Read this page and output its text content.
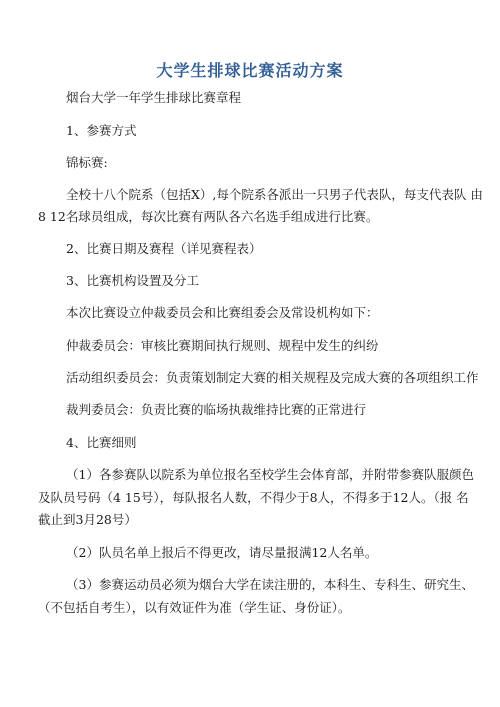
大学生排球比赛活动方案
烟台大学一年学生排球比赛章程
1、参赛方式
锦标赛:
全校十八个院系（包括X）,每个院系各派出一只男子代表队，每支代表队 由
8 12名球员组成，每次比赛有两队各六名选手组成进行比赛。
2、比赛日期及赛程（详见赛程表）
3、比赛机构设置及分工
本次比赛设立仲裁委员会和比赛组委会及常设机构如下：
仲裁委员会：审核比赛期间执行规则、规程中发生的纠纷
活动组织委员会：负责策划制定大赛的相关规程及完成大赛的各项组织工作
裁判委员会：负责比赛的临场执裁维持比赛的正常进行
4、比赛细则
（1）各参赛队以院系为单位报名至校学生会体育部，并附带参赛队服颜色
及队员号码（4 15号），每队报名人数，不得少于8人，不得多于12人。（报 名
截止到3月28号）
（2）队员名单上报后不得更改，请尽量报满12人名单。
（3）参赛运动员必须为烟台大学在读注册的，本科生、专科生、研究生、
（不包括自考生），以有效证件为准（学生证、身份证）。
